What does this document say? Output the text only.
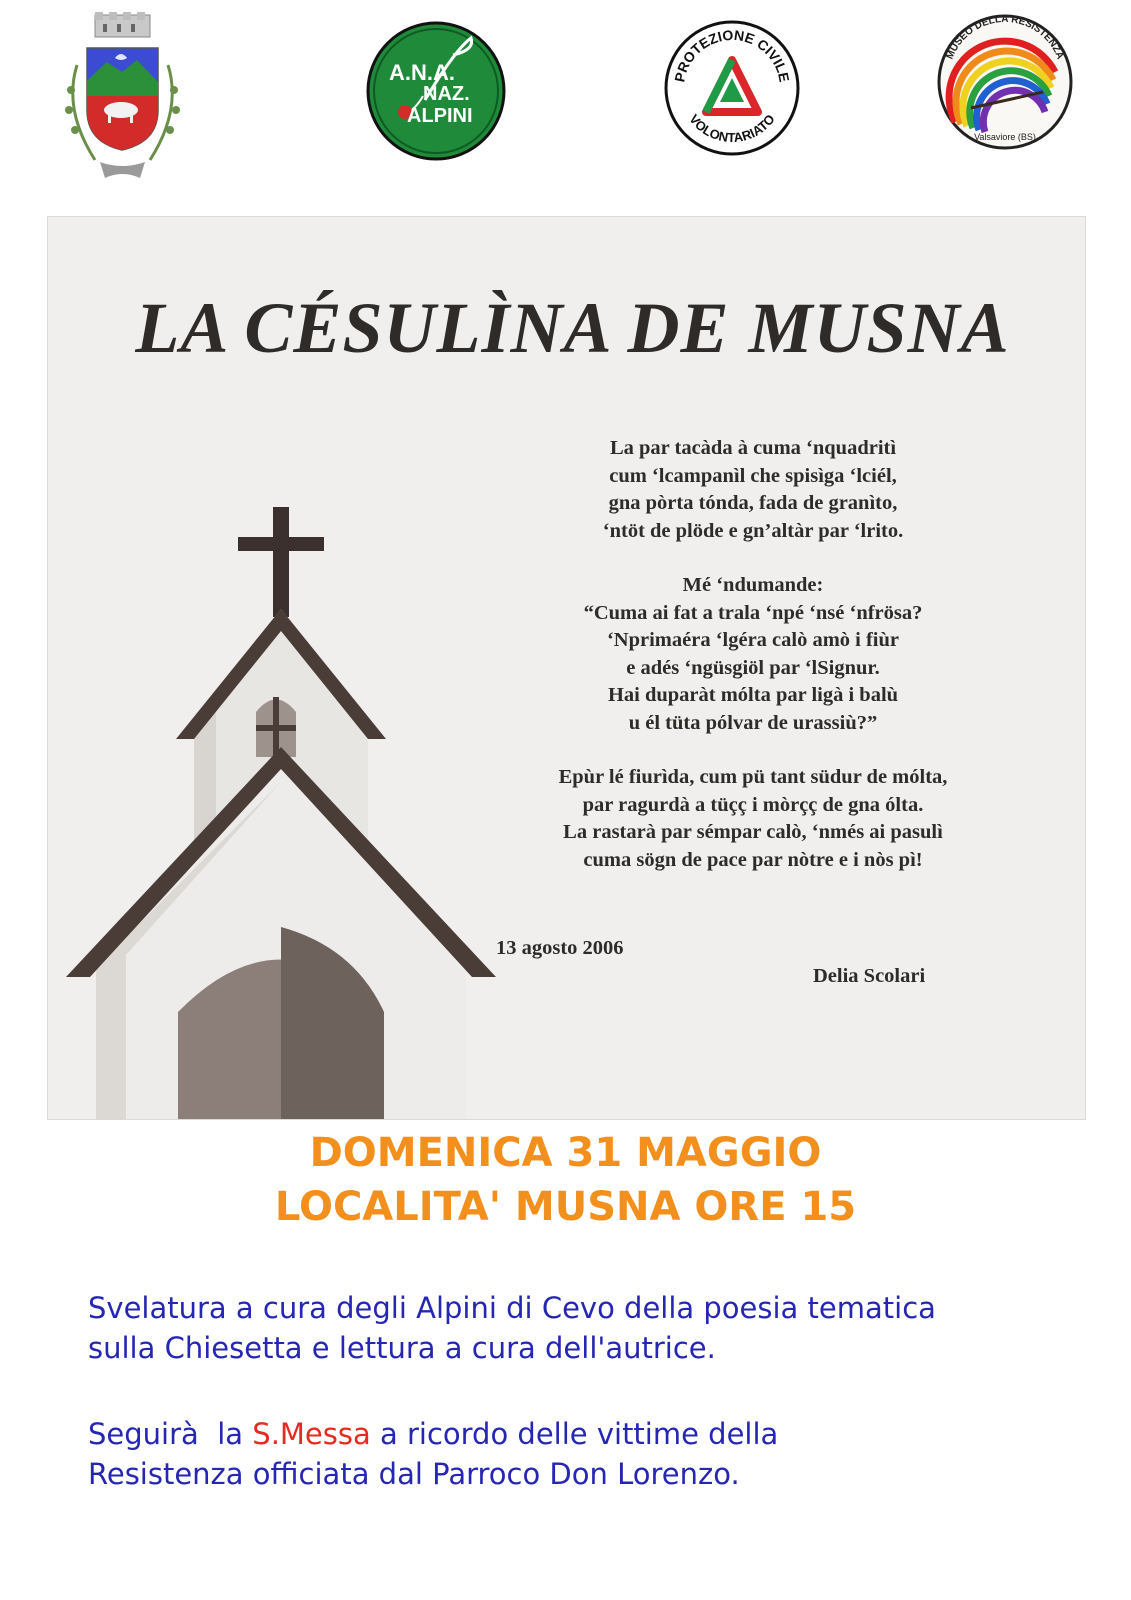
A.N.A.
NAZ.
ALPINI
PROTEZIONE CIVILE
VOLONTARIATO
MUSEO DELLA RESISTENZA
Valsaviore (BS)
LA CÉSULÌNA DE MUSNA
La par tacàda à cuma ‘nquadritì
cum ‘lcampanìl che spisìga ‘lciél,
gna pòrta tónda, fada de granìto,
‘ntöt de plöde e gn’altàr par ‘lrito.
Mé ‘ndumande:
“Cuma ai fat a trala ‘npé ‘nsé ‘nfrösa?
‘Nprimaéra ‘lgéra calò amò i fiùr
e adés ‘ngüsgiöl par ‘lSignur.
Hai duparàt mólta par ligà i balù
u él tüta pólvar de urassiù?”
Epùr lé fiurìda, cum pü tant südur de mólta,
par ragurdà a tüçç i mòrçç de gna ólta.
La rastarà par sémpar calò, ‘nmés ai pasulì
cuma sögn de pace par nòtre e i nòs pì!
13 agosto 2006
Delia Scolari
DOMENICA 31 MAGGIO
LOCALITA' MUSNA ORE 15
Svelatura a cura degli Alpini di Cevo della poesia tematica
sulla Chiesetta e lettura a cura dell'autrice.
Seguirà  la S.Messa a ricordo delle vittime della
Resistenza officiata dal Parroco Don Lorenzo.
